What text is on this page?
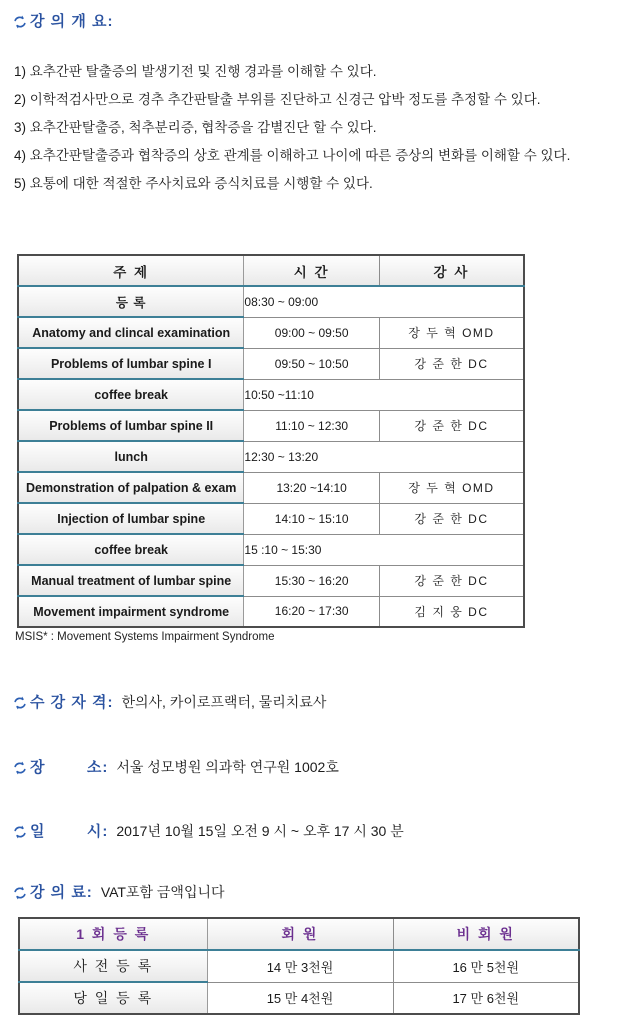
강 의 개 요:
1) 요추간판 탈출증의 발생기전 및 진행 경과를 이해할 수 있다.
2) 이학적검사만으로 경추 추간판탈출 부위를 진단하고 신경근 압박 정도를 추정할 수 있다.
3) 요추간판탈출증, 척추분리증, 협착증을 감별진단 할 수 있다.
4) 요추간판탈출증과 협착증의 상호 관계를 이해하고 나이에 따른 증상의 변화를 이해할 수 있다.
5) 요통에 대한 적절한 주사치료와 증식치료를 시행할 수 있다.
주 제	시 간	강 사
등 록	08:30 ~ 09:00	
Anatomy and clincal examination	09:00 ~ 09:50	장 두 혁 OMD
Problems of lumbar spine I	09:50 ~ 10:50	강 준 한 DC
coffee break	10:50 ~11:10	
Problems of lumbar spine II	11:10 ~ 12:30	강 준 한 DC
lunch	12:30 ~ 13:20	
Demonstration of palpation & exam	13:20 ~14:10	장 두 혁 OMD
Injection of lumbar spine	14:10 ~ 15:10	강 준 한 DC
coffee break	15 :10 ~ 15:30	
Manual treatment of lumbar spine	15:30 ~ 16:20	강 준 한 DC
Movement impairment syndrome	16:20 ~ 17:30	김 지 웅 DC
MSIS* : Movement Systems Impairment Syndrome
수 강 자 격: 한의사, 카이로프랙터, 물리치료사
장        소: 서울 성모병원 의과학 연구원 1002호
일        시: 2017년 10월 15일 오전 9 시 ~ 오후 17 시 30 분
강 의 료: VAT포함 금액입니다
1 회 등 록	회 원	비 회 원
사 전 등 록	14 만 3천원	16 만 5천원
당 일 등 록	15 만 4천원	17 만 6천원
